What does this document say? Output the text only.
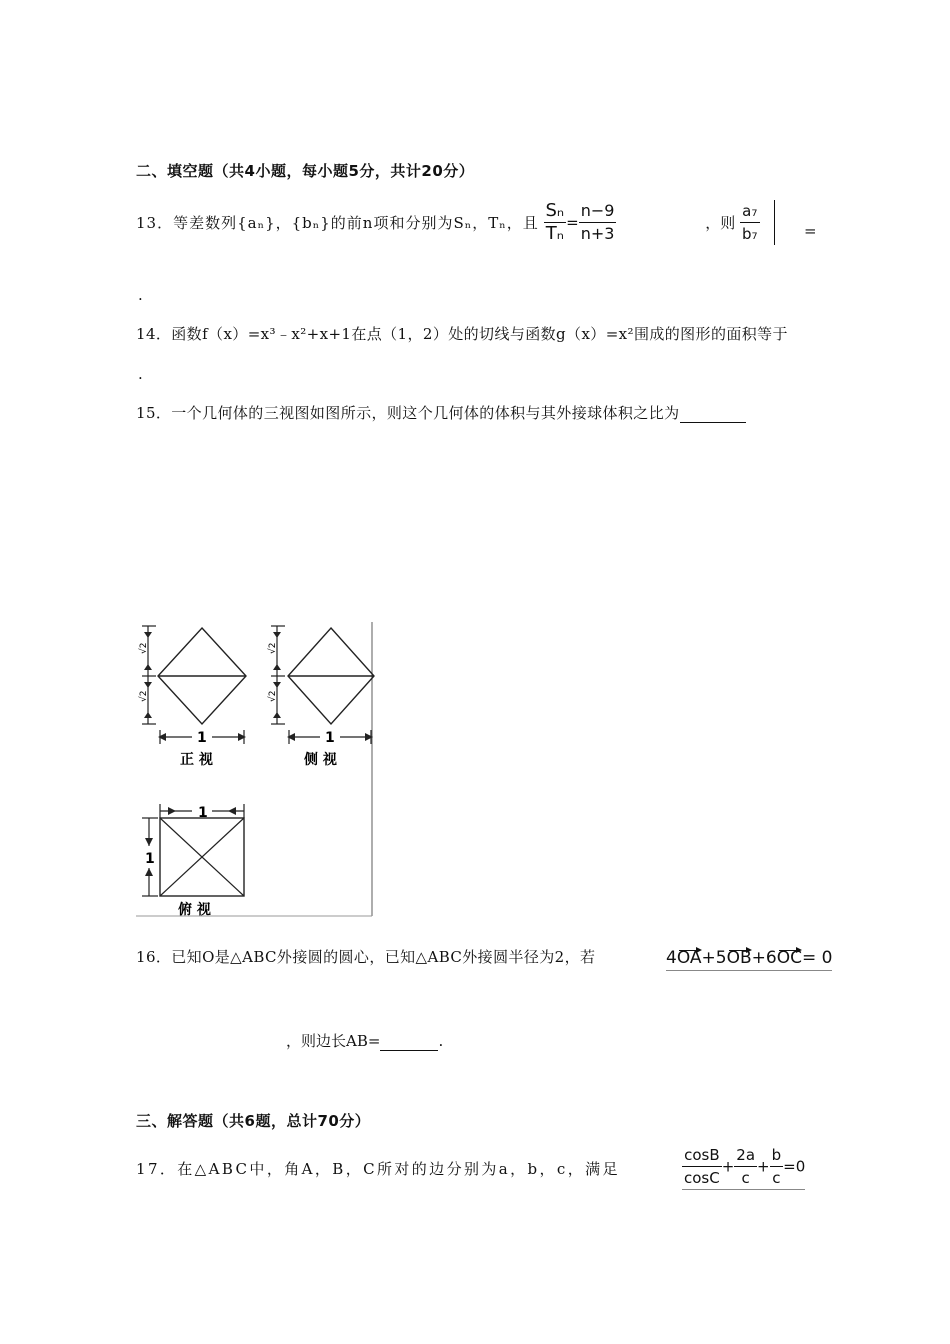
二、填空题（共4小题，每小题5分，共计20分）
13．等差数列{aₙ}，{bₙ}的前n项和分别为Sₙ，Tₙ，且 $\frac{\text{Sₙ}}{\text{Tₙ}} = \frac{n-9}{n+3}$	，则 $\frac{\text{a₇}}{\text{b₇}}$ =
.
14．函数f（x）=x³﹣x²+x+1在点（1，2）处的切线与函数g（x）=x²围成的图形的面积等于
.
15．一个几何体的三视图如图所示，则这个几何体的体积与其外接球体积之比为
√2
√2
1
正 视
√2
√2
1
侧 视
1
1
俯 视
16．已知O是△ABC外接圆的圆心，已知△ABC外接圆半径为2，若	4OA+5OB+6OC= 0
，则边长AB=	.
三、解答题（共6题，总计70分）
17．在△ABC中，角A，B，C所对的边分别为a，b，c，满足	$\frac{\cos B}{\cos C} + \frac{2a}{c} + \frac{b}{c} =0$
